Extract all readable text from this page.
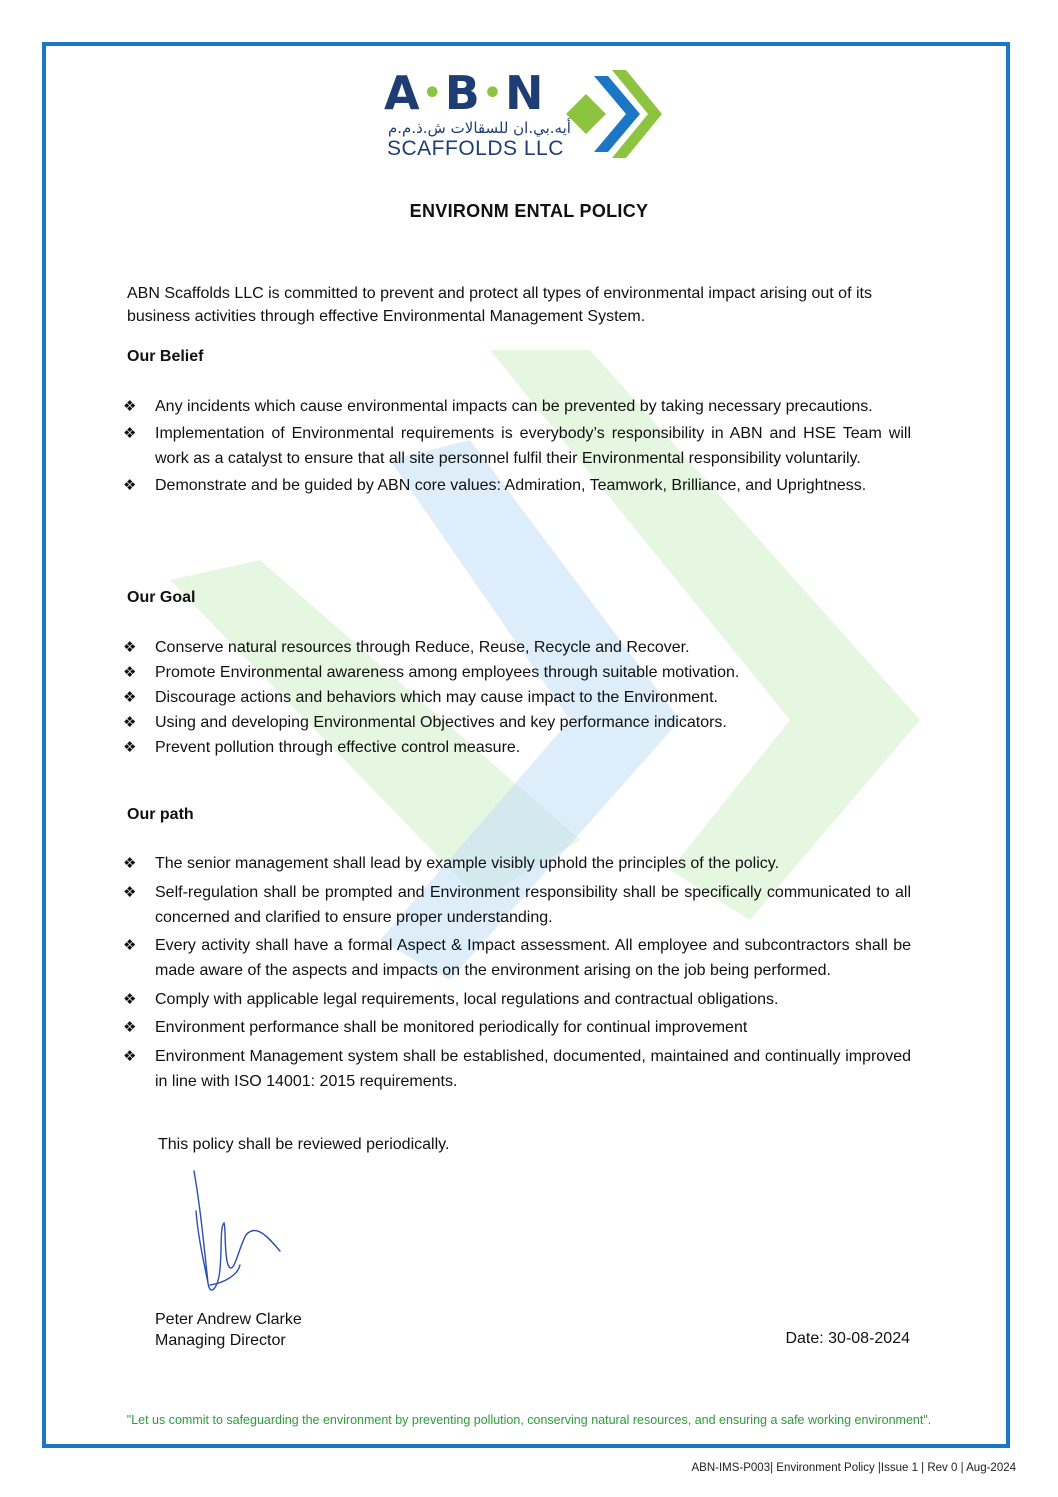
A•B•N
أيه.بي.ان للسقالات ش.ذ.م.م
SCAFFOLDS LLC
ENVIRONM ENTAL POLICY
ABN Scaffolds LLC is committed to prevent and protect all types of environmental impact arising out of its business activities through effective Environmental Management System.
Our Belief
❖ Any incidents which cause environmental impacts can be prevented by taking necessary precautions.
❖ Implementation of Environmental requirements is everybody’s responsibility in ABN and HSE Team will work as a catalyst to ensure that all site personnel fulfil their Environmental responsibility voluntarily.
❖ Demonstrate and be guided by ABN core values: Admiration, Teamwork, Brilliance, and Uprightness.
Our Goal
❖ Conserve natural resources through Reduce, Reuse, Recycle and Recover.
❖ Promote Environmental awareness among employees through suitable motivation.
❖ Discourage actions and behaviors which may cause impact to the Environment.
❖ Using and developing Environmental Objectives and key performance indicators.
❖ Prevent pollution through effective control measure.
Our path
❖ The senior management shall lead by example visibly uphold the principles of the policy.
❖ Self-regulation shall be prompted and Environment responsibility shall be specifically communicated to all concerned and clarified to ensure proper understanding.
❖ Every activity shall have a formal Aspect & Impact assessment. All employee and subcontractors shall be made aware of the aspects and impacts on the environment arising on the job being performed.
❖ Comply with applicable legal requirements, local regulations and contractual obligations.
❖ Environment performance shall be monitored periodically for continual improvement
❖ Environment Management system shall be established, documented, maintained and continually improved in line with ISO 14001: 2015 requirements.
This policy shall be reviewed periodically.
Peter Andrew Clarke
Managing Director	Date: 30-08-2024
"Let us commit to safeguarding the environment by preventing pollution, conserving natural resources, and ensuring a safe working environment".
ABN-IMS-P003| Environment Policy |Issue 1 | Rev 0 | Aug-2024
